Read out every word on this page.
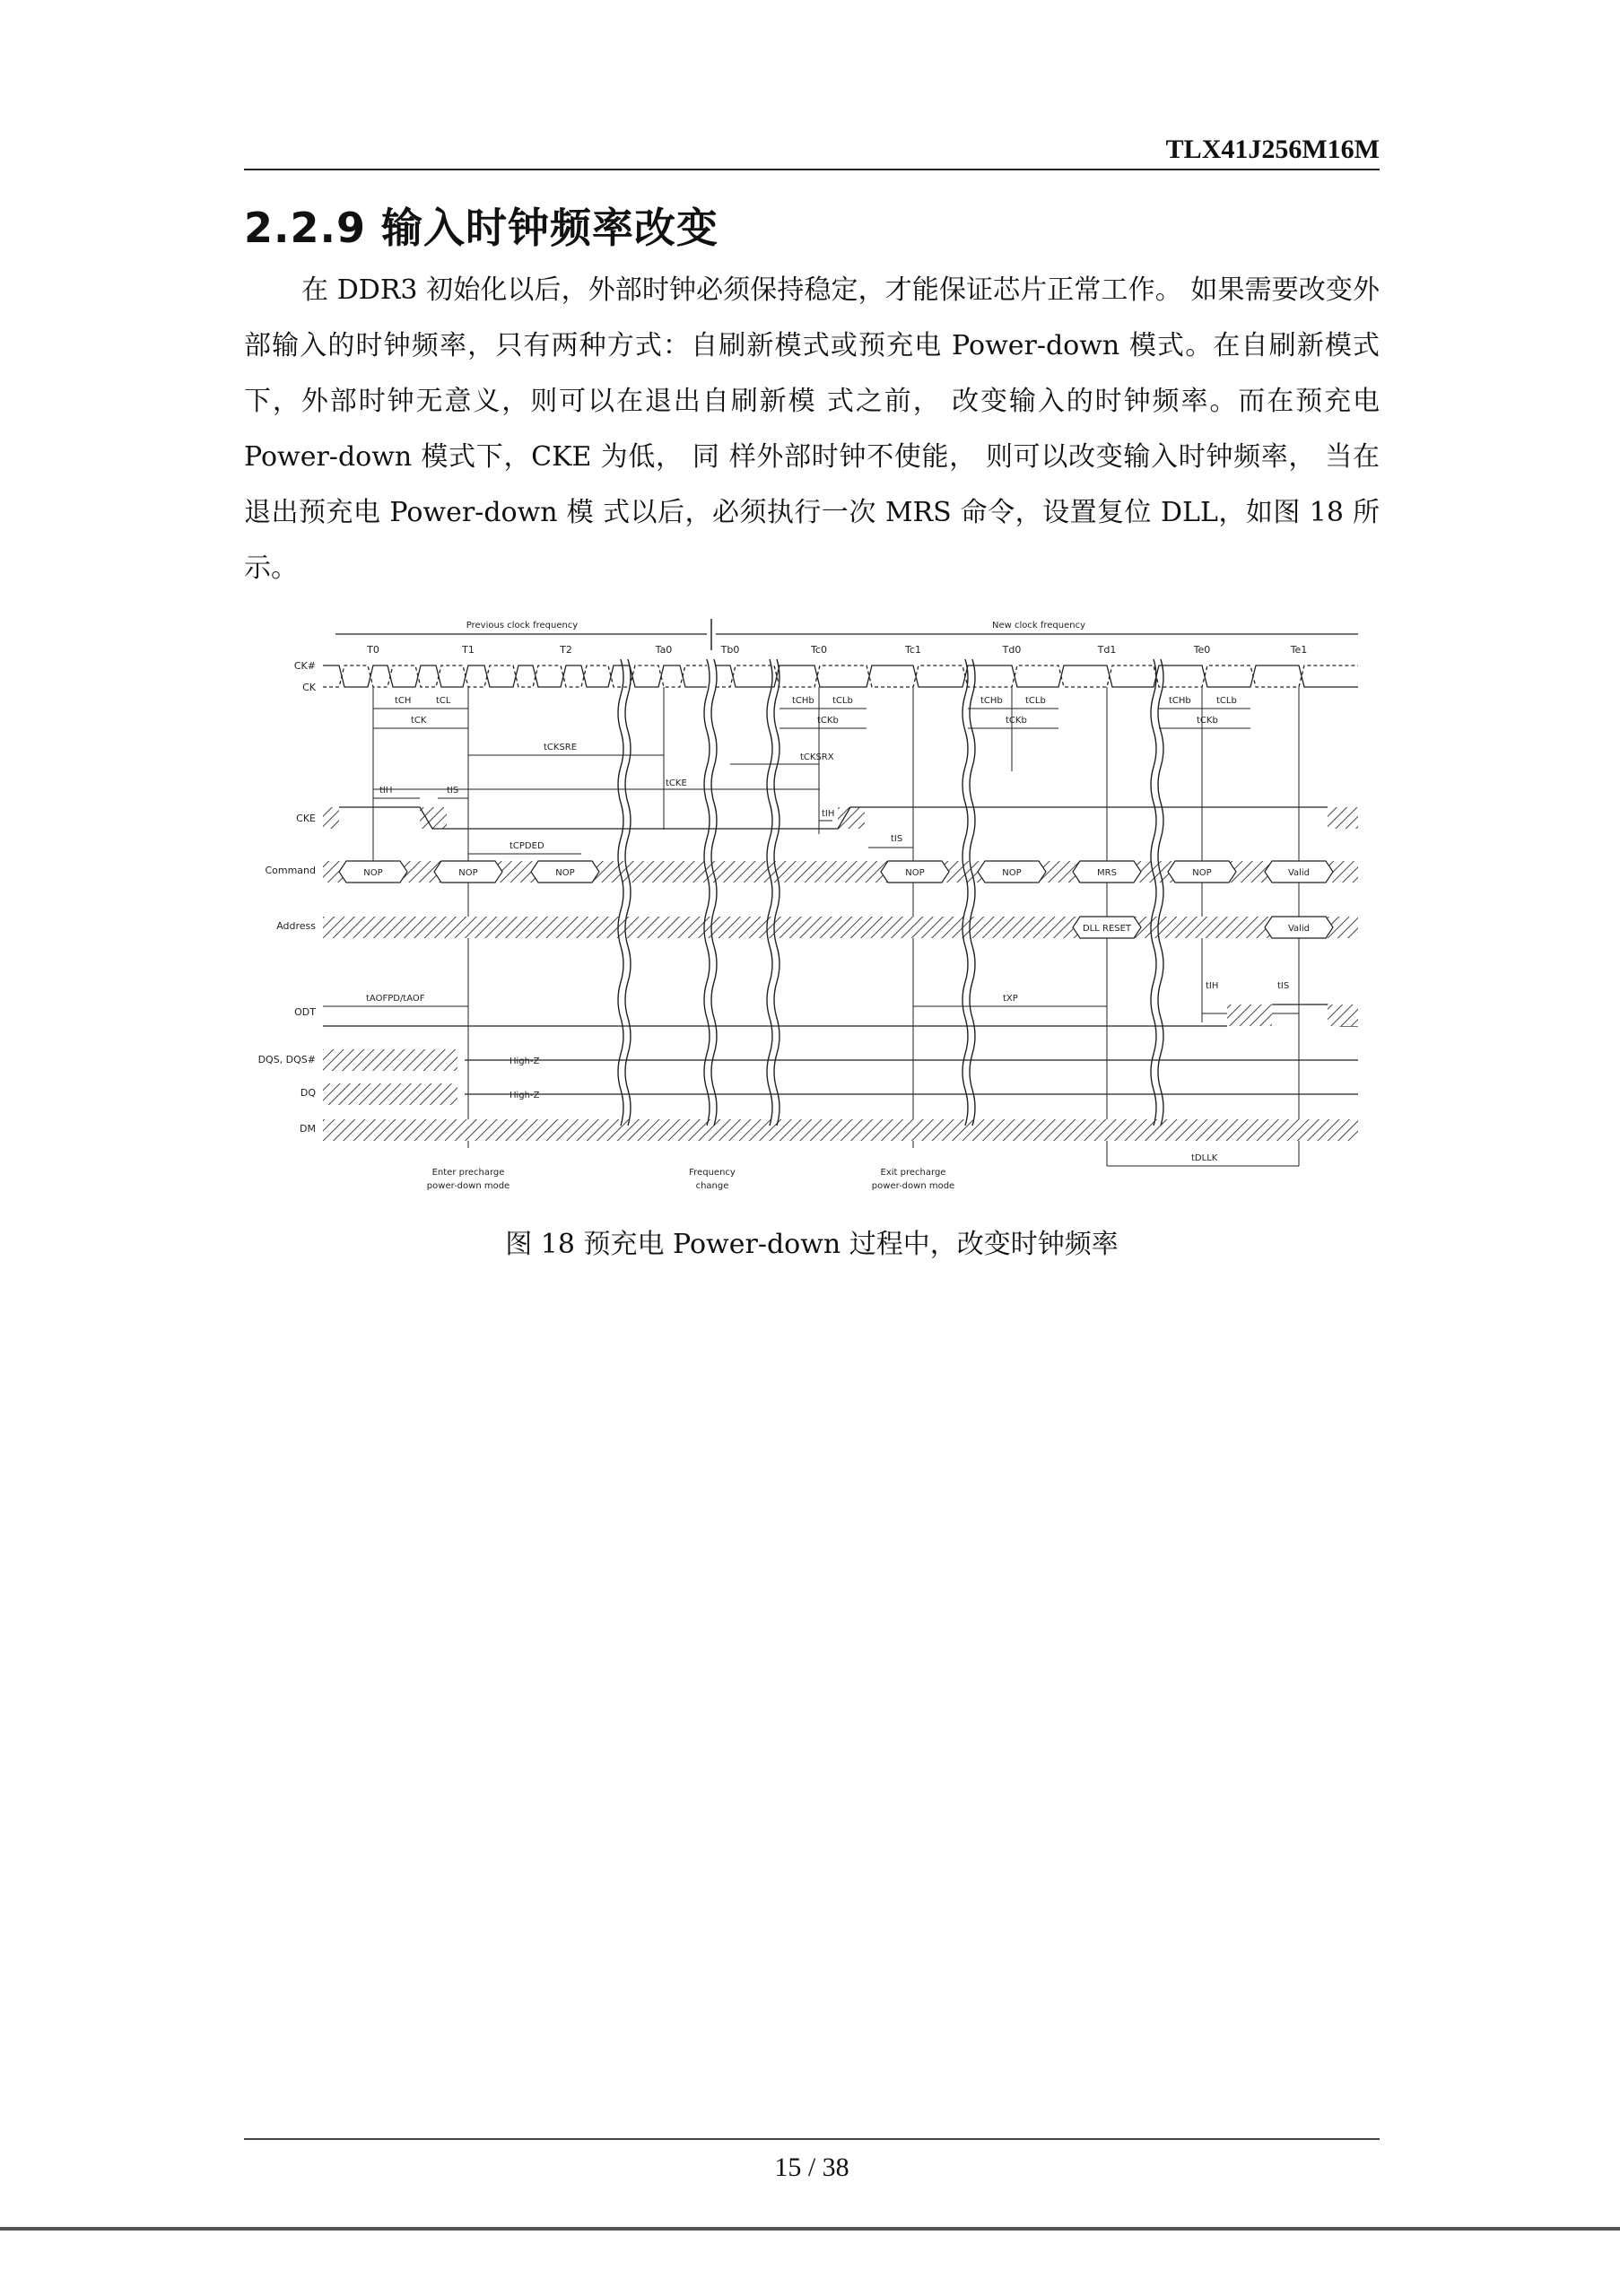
TLX41J256M16M
2.2.9 输入时钟频率改变

在 DDR3 初始化以后，外部时钟必须保持稳定，才能保证芯片正常工作。 如果需要改变外部输入的时钟频率，只有两种方式：自刷新模式或预充电 Power-down 模式。在自刷新模式下，外部时钟无意义，则可以在退出自刷新模 式之前， 改变输入的时钟频率。而在预充电 Power-down 模式下，CKE 为低， 同 样外部时钟不使能， 则可以改变输入时钟频率， 当在退出预充电 Power-down 模 式以后，必须执行一次 MRS 命令，设置复位 DLL，如图 18 所示。

Previous clock frequency	New clock frequency
T0	T1	T2	Ta0	Tb0	Tc0	Tc1	Td0	Td1	Te0	Te1
CK#
CK
CKE
Command
Address
ODT
DQS, DQS#
DQ
DM
tCH	tCL
tCK
tCKSRE
tIH	tIS
tCKE
tCKSRX
tCPDED
tCHb tCLb
tCKb
tCHb	tCLb
tCKb
tCHb	tCLb
tCKb
tIH
tIS
tAOFPD/tAOF	tXP
tIH	tIS
tDLLK
NOP	NOP	NOP	NOP	NOP	MRS	NOP	Valid
DLL RESET	Valid
High-Z
High-Z
Enter precharge
power-down mode
Frequency
change
Exit precharge
power-down mode
图 18 预充电 Power-down 过程中，改变时钟频率
15 / 38
